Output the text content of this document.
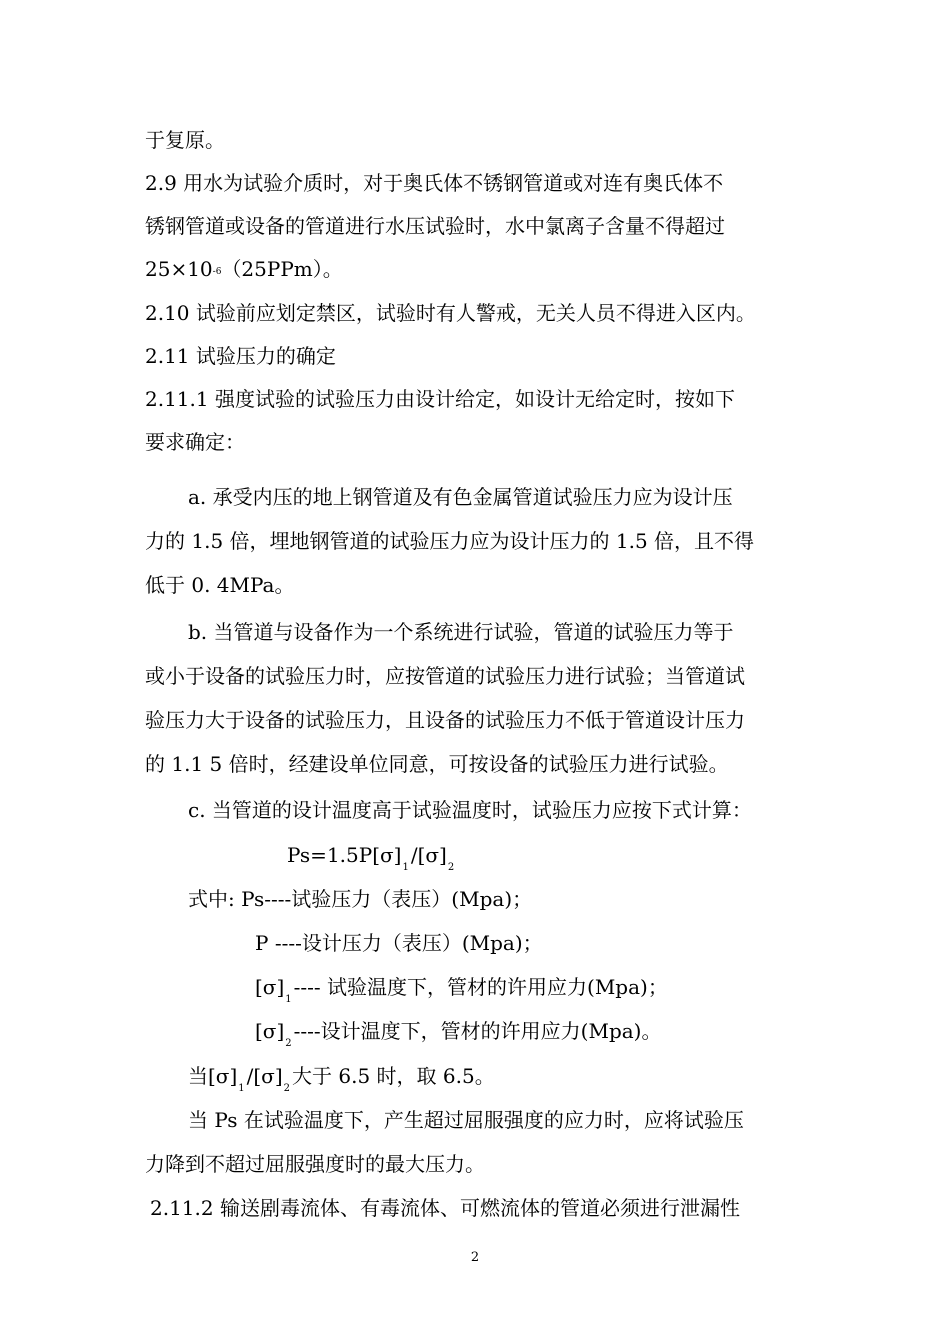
于复原。
2.9 用水为试验介质时，对于奥氏体不锈钢管道或对连有奥氏体不
锈钢管道或设备的管道进行水压试验时，水中氯离子含量不得超过
25×10-6（25PPm）。
2.10 试验前应划定禁区，试验时有人警戒，无关人员不得进入区内。
2.11 试验压力的确定
2.11.1 强度试验的试验压力由设计给定，如设计无给定时，按如下
要求确定：
a. 承受内压的地上钢管道及有色金属管道试验压力应为设计压
力的 1.5 倍，埋地钢管道的试验压力应为设计压力的 1.5 倍，且不得
低于 0. 4MPa。
b. 当管道与设备作为一个系统进行试验，管道的试验压力等于
或小于设备的试验压力时，应按管道的试验压力进行试验；当管道试
验压力大于设备的试验压力，且设备的试验压力不低于管道设计压力
的 1.1 5 倍时，经建设单位同意，可按设备的试验压力进行试验。
c. 当管道的设计温度高于试验温度时，试验压力应按下式计算：
$Ps=1.5P[\sigma]_1/[\sigma]_2$
式中: Ps----试验压力（表压）(Mpa)；
P ----设计压力（表压）(Mpa)；
$[\sigma]_1----$ 试验温度下，管材的许用应力(Mpa)；
$[\sigma]_2----$设计温度下，管材的许用应力(Mpa)。
当$[\sigma]_1/[\sigma]_2$大于 6.5 时，取 6.5。
当 Ps 在试验温度下，产生超过屈服强度的应力时，应将试验压
力降到不超过屈服强度时的最大压力。
2.11.2 输送剧毒流体、有毒流体、可燃流体的管道必须进行泄漏性
2
